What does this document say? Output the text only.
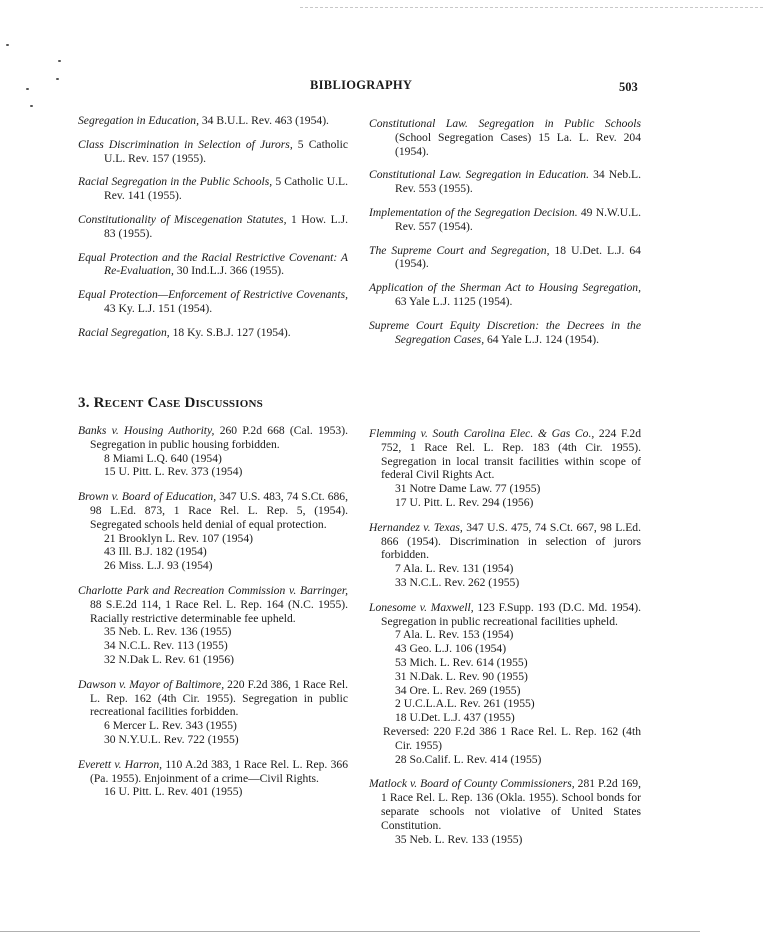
BIBLIOGRAPHY	503
Segregation in Education, 34 B.U.L. Rev. 463 (1954).
Class Discrimination in Selection of Jurors, 5 Catholic U.L. Rev. 157 (1955).
Racial Segregation in the Public Schools, 5 Catholic U.L. Rev. 141 (1955).
Constitutionality of Miscegenation Statutes, 1 How. L.J. 83 (1955).
Equal Protection and the Racial Restrictive Covenant: A Re-Evaluation, 30 Ind.L.J. 366 (1955).
Equal Protection—Enforcement of Restrictive Covenants, 43 Ky. L.J. 151 (1954).
Racial Segregation, 18 Ky. S.B.J. 127 (1954).
Constitutional Law. Segregation in Public Schools (School Segregation Cases) 15 La. L. Rev. 204 (1954).
Constitutional Law. Segregation in Education. 34 Neb.L. Rev. 553 (1955).
Implementation of the Segregation Decision. 49 N.W.U.L. Rev. 557 (1954).
The Supreme Court and Segregation, 18 U.Det. L.J. 64 (1954).
Application of the Sherman Act to Housing Segregation, 63 Yale L.J. 1125 (1954).
Supreme Court Equity Discretion: the Decrees in the Segregation Cases, 64 Yale L.J. 124 (1954).
3. Recent Case Discussions
Banks v. Housing Authority, 260 P.2d 668 (Cal. 1953). Segregation in public housing forbidden.
8 Miami L.Q. 640 (1954)
15 U. Pitt. L. Rev. 373 (1954)
Brown v. Board of Education, 347 U.S. 483, 74 S.Ct. 686, 98 L.Ed. 873, 1 Race Rel. L. Rep. 5, (1954). Segregated schools held denial of equal protection.
21 Brooklyn L. Rev. 107 (1954)
43 Ill. B.J. 182 (1954)
26 Miss. L.J. 93 (1954)
Charlotte Park and Recreation Commission v. Barringer, 88 S.E.2d 114, 1 Race Rel. L. Rep. 164 (N.C. 1955). Racially restrictive determinable fee upheld.
35 Neb. L. Rev. 136 (1955)
34 N.C.L. Rev. 113 (1955)
32 N.Dak L. Rev. 61 (1956)
Dawson v. Mayor of Baltimore, 220 F.2d 386, 1 Race Rel. L. Rep. 162 (4th Cir. 1955). Segregation in public recreational facilities forbidden.
6 Mercer L. Rev. 343 (1955)
30 N.Y.U.L. Rev. 722 (1955)
Everett v. Harron, 110 A.2d 383, 1 Race Rel. L. Rep. 366 (Pa. 1955). Enjoinment of a crime—Civil Rights.
16 U. Pitt. L. Rev. 401 (1955)
Flemming v. South Carolina Elec. & Gas Co., 224 F.2d 752, 1 Race Rel. L. Rep. 183 (4th Cir. 1955). Segregation in local transit facilities within scope of federal Civil Rights Act.
31 Notre Dame Law. 77 (1955)
17 U. Pitt. L. Rev. 294 (1956)
Hernandez v. Texas, 347 U.S. 475, 74 S.Ct. 667, 98 L.Ed. 866 (1954). Discrimination in selection of jurors forbidden.
7 Ala. L. Rev. 131 (1954)
33 N.C.L. Rev. 262 (1955)
Lonesome v. Maxwell, 123 F.Supp. 193 (D.C. Md. 1954). Segregation in public recreational facilities upheld.
7 Ala. L. Rev. 153 (1954)
43 Geo. L.J. 106 (1954)
53 Mich. L. Rev. 614 (1955)
31 N.Dak. L. Rev. 90 (1955)
34 Ore. L. Rev. 269 (1955)
2 U.C.L.A.L. Rev. 261 (1955)
18 U.Det. L.J. 437 (1955)
Reversed: 220 F.2d 386 1 Race Rel. L. Rep. 162 (4th Cir. 1955)
28 So.Calif. L. Rev. 414 (1955)
Matlock v. Board of County Commissioners, 281 P.2d 169, 1 Race Rel. L. Rep. 136 (Okla. 1955). School bonds for separate schools not violative of United States Constitution.
35 Neb. L. Rev. 133 (1955)
